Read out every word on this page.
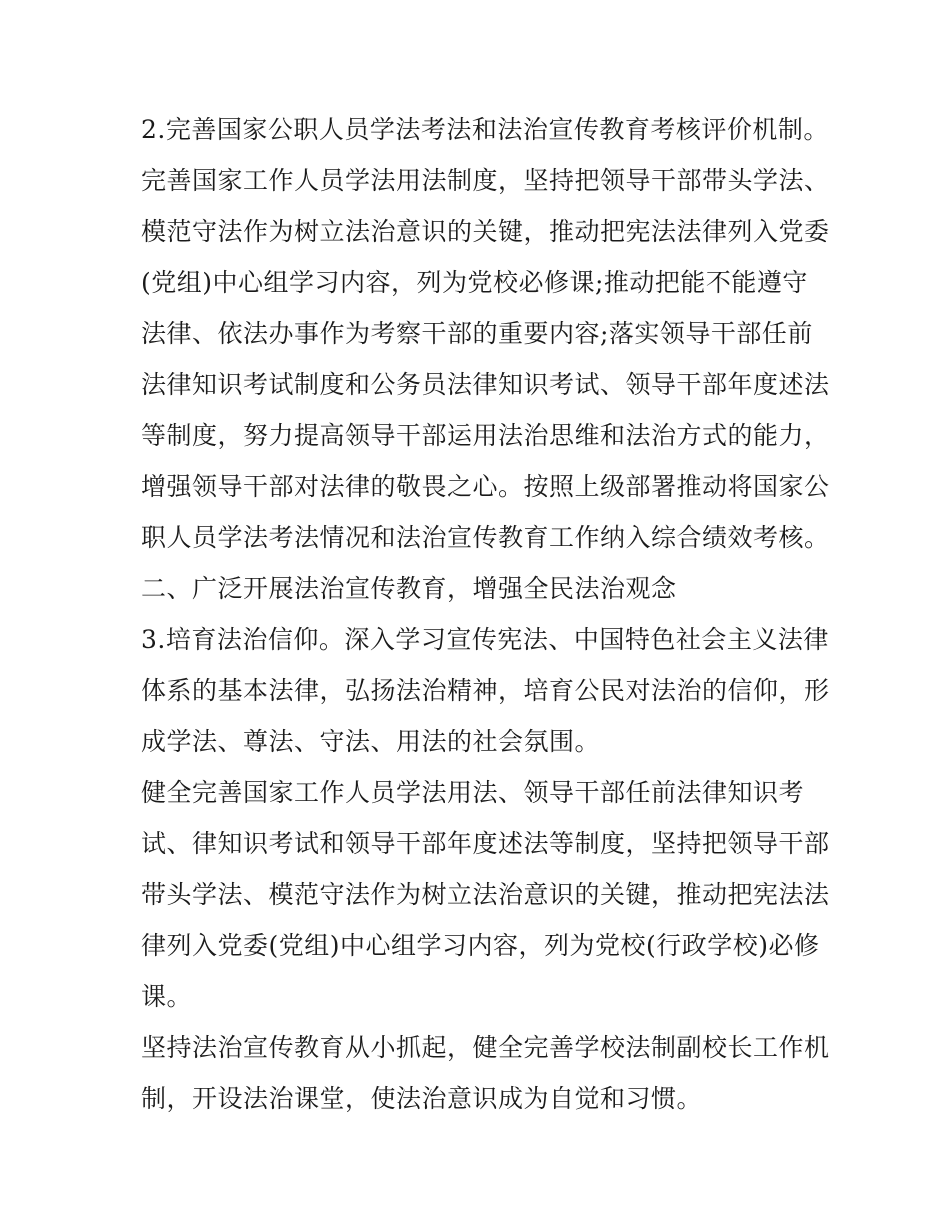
2.完善国家公职人员学法考法和法治宣传教育考核评价机制。
完善国家工作人员学法用法制度，坚持把领导干部带头学法、
模范守法作为树立法治意识的关键，推动把宪法法律列入党委
(党组)中心组学习内容，列为党校必修课;推动把能不能遵守
法律、依法办事作为考察干部的重要内容;落实领导干部任前
法律知识考试制度和公务员法律知识考试、领导干部年度述法
等制度，努力提高领导干部运用法治思维和法治方式的能力，
增强领导干部对法律的敬畏之心。按照上级部署推动将国家公
职人员学法考法情况和法治宣传教育工作纳入综合绩效考核。
二、广泛开展法治宣传教育，增强全民法治观念
3.培育法治信仰。深入学习宣传宪法、中国特色社会主义法律
体系的基本法律，弘扬法治精神，培育公民对法治的信仰，形
成学法、尊法、守法、用法的社会氛围。
健全完善国家工作人员学法用法、领导干部任前法律知识考
试、律知识考试和领导干部年度述法等制度，坚持把领导干部
带头学法、模范守法作为树立法治意识的关键，推动把宪法法
律列入党委(党组)中心组学习内容，列为党校(行政学校)必修
课。
坚持法治宣传教育从小抓起，健全完善学校法制副校长工作机
制，开设法治课堂，使法治意识成为自觉和习惯。
